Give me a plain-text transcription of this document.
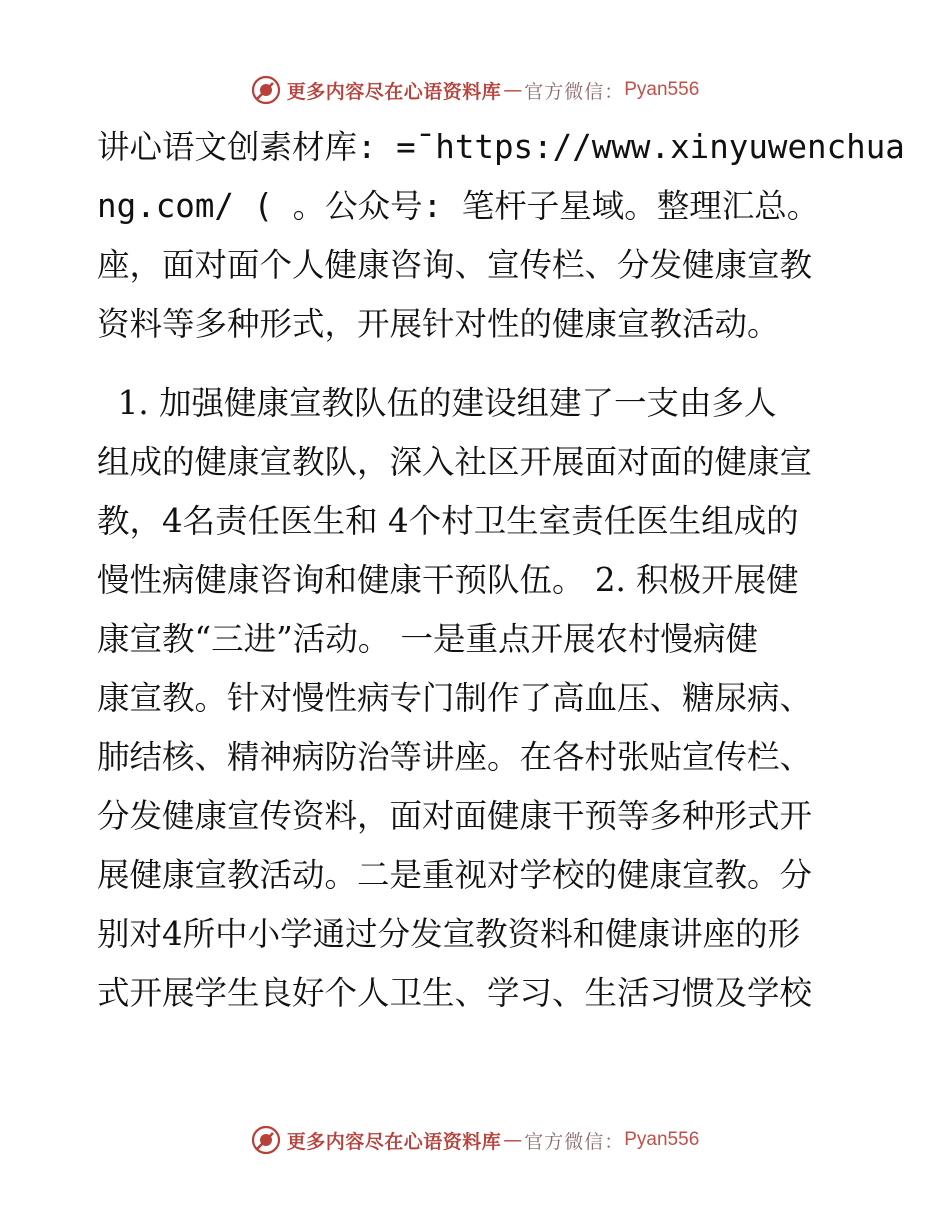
更多内容尽在心语资料库 — 官方微信： Pyan556
讲心语文创素材库: =¯https://www.xinyuwenchua
ng.com/ ( 。公众号: 笔杆子星域。整理汇总。
座，面对面个人健康咨询、宣传栏、分发健康宣教
资料等多种形式，开展针对性的健康宣教活动。
1. 加强健康宣教队伍的建设组建了一支由多人
组成的健康宣教队，深入社区开展面对面的健康宣
教，4名责任医生和 4个村卫生室责任医生组成的
慢性病健康咨询和健康干预队伍。 2. 积极开展健
康宣教“三进”活动。 一是重点开展农村慢病健
康宣教。针对慢性病专门制作了高血压、糖尿病、
肺结核、精神病防治等讲座。在各村张贴宣传栏、
分发健康宣传资料，面对面健康干预等多种形式开
展健康宣教活动。二是重视对学校的健康宣教。分
别对4所中小学通过分发宣教资料和健康讲座的形
式开展学生良好个人卫生、学习、生活习惯及学校
更多内容尽在心语资料库 — 官方微信： Pyan556
